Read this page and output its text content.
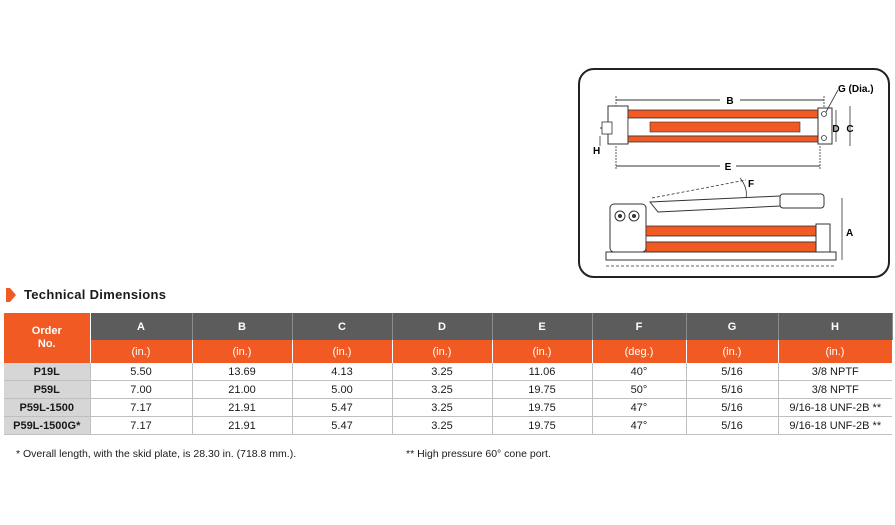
B
G (Dia.)
D C
H
E
F
A
Technical Dimensions
Order No.	A	B	C	D	E	F	G	H
	(in.)	(in.)	(in.)	(in.)	(in.)	(deg.)	(in.)	(in.)
P19L	5.50	13.69	4.13	3.25	11.06	40°	5/16	3/8 NPTF
P59L	7.00	21.00	5.00	3.25	19.75	50°	5/16	3/8 NPTF
P59L-1500	7.17	21.91	5.47	3.25	19.75	47°	5/16	9/16-18 UNF-2B **
P59L-1500G*	7.17	21.91	5.47	3.25	19.75	47°	5/16	9/16-18 UNF-2B **
* Overall length, with the skid plate, is 28.30 in. (718.8 mm.).	** High pressure 60° cone port.
